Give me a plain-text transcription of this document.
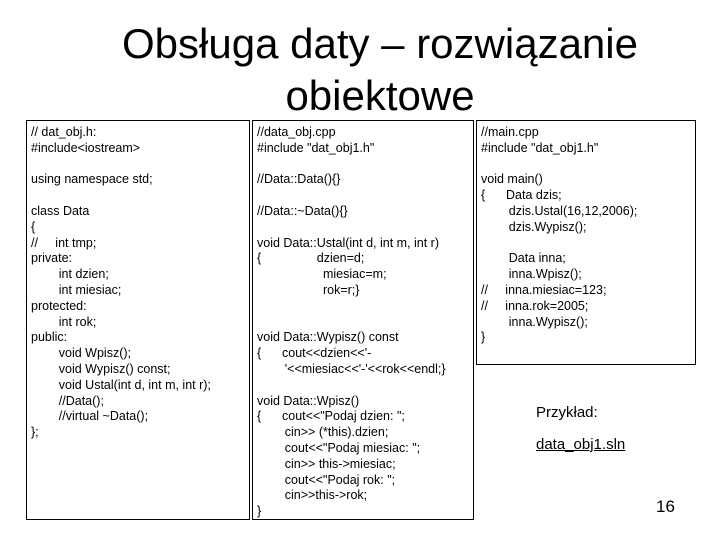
Obsługa daty – rozwiązanie
obiektowe
// dat_obj.h:
#include<iostream>
using namespace std;
class Data
{
//     int tmp;
private:
int dzien;
int miesiac;
protected:
int rok;
public:
void Wpisz();
void Wypisz() const;
void Ustal(int d, int m, int r);
//Data();
//virtual ~Data();
};
//data_obj.cpp
#include "dat_obj1.h"
//Data::Data(){}
//Data::~Data(){}
void Data::Ustal(int d, int m, int r)
{                dzien=d;
miesiac=m;
rok=r;}
void Data::Wypisz() const
{      cout<<dzien<<'-
'<<miesiac<<'-'<<rok<<endl;}
void Data::Wpisz()
{      cout<<"Podaj dzien: ";
cin>> (*this).dzien;
cout<<"Podaj miesiac: ";
cin>> this->miesiac;
cout<<"Podaj rok: ";
cin>>this->rok;
}
//main.cpp
#include "dat_obj1.h"
void main()
{      Data dzis;
dzis.Ustal(16,12,2006);
dzis.Wypisz();
Data inna;
inna.Wpisz();
//     inna.miesiac=123;
//     inna.rok=2005;
inna.Wypisz();
}
Przykład:
data_obj1.sln
16
